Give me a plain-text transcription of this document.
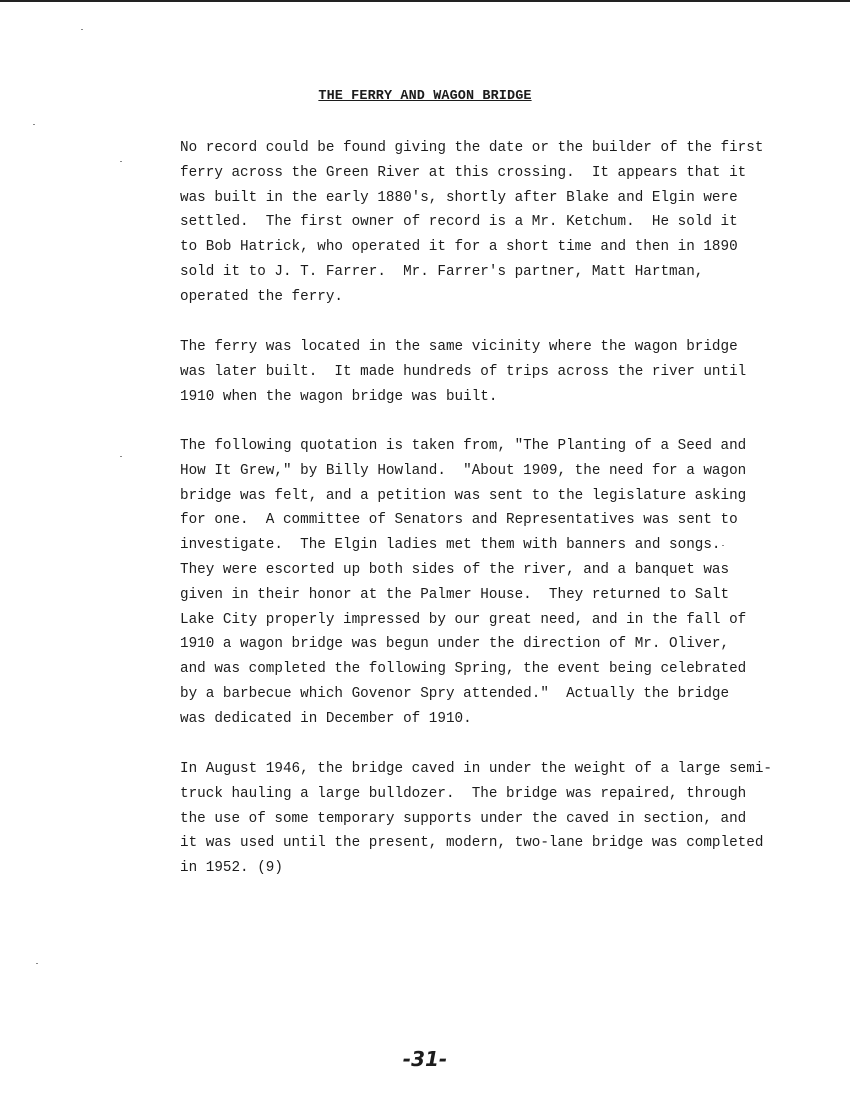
THE FERRY AND WAGON BRIDGE
No record could be found giving the date or the builder of the first
ferry across the Green River at this crossing.  It appears that it
was built in the early 1880's, shortly after Blake and Elgin were
settled.  The first owner of record is a Mr. Ketchum.  He sold it
to Bob Hatrick, who operated it for a short time and then in 1890
sold it to J. T. Farrer.  Mr. Farrer's partner, Matt Hartman,
operated the ferry.
The ferry was located in the same vicinity where the wagon bridge
was later built.  It made hundreds of trips across the river until
1910 when the wagon bridge was built.
The following quotation is taken from, "The Planting of a Seed and
How It Grew," by Billy Howland.  "About 1909, the need for a wagon
bridge was felt, and a petition was sent to the legislature asking
for one.  A committee of Senators and Representatives was sent to
investigate.  The Elgin ladies met them with banners and songs.
They were escorted up both sides of the river, and a banquet was
given in their honor at the Palmer House.  They returned to Salt
Lake City properly impressed by our great need, and in the fall of
1910 a wagon bridge was begun under the direction of Mr. Oliver,
and was completed the following Spring, the event being celebrated
by a barbecue which Govenor Spry attended."  Actually the bridge
was dedicated in December of 1910.
In August 1946, the bridge caved in under the weight of a large semi-
truck hauling a large bulldozer.  The bridge was repaired, through
the use of some temporary supports under the caved in section, and
it was used until the present, modern, two-lane bridge was completed
in 1952. (9)

-31-
